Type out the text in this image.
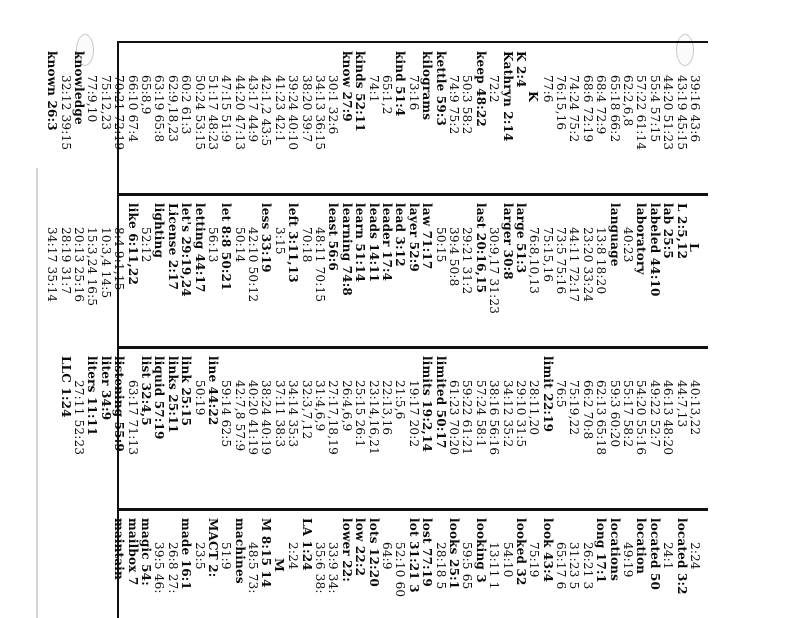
39:16 43:6
43:19 45:15
44:20 51:23
55:4 57:15
57:22 61:14
62:2,6,8
65:18 66:2
68:4 72:9
68:6 72:19
74:24 75:2
76:15,16
77:6
K
K 2:4
Kathryn 2:14
72:2
keep 48:22
50:3 58:2
74:9 75:2
kettle 59:3
kilograms
73:16
kind 51:4
65:1,2
74:1
kinds 52:11
know 27:9
30:1 32:6
34:13 36:15
38:20 39:7
39:24 40:10
41:23 42:1
42:1,2 43:5
43:17 44:9
44:20 47:13
47:15 51:9
51:17 48:23
50:24 53:15
60:2 61:3
62:9,18,23
63:19 65:8
65:8,9
66:10 67:4
70:21 72:19
75:12,23
77:9,10
knowledge
32:12 39:15
known 26:3
L
L 2:5,12
lab 25:5
labeled 44:10
laboratory
40:23
language
13:8 18:20
23:20 33:24
44:11 72:17
73:5 75:16
75:15,16
76:8,10,13
large 51:3
larger 30:8
30:9,17 31:23
last 20:16,15
29:21 31:2
39:4 50:8
50:15
law 71:17
layer 52:9
lead 3:12
leader 17:4
leads 14:11
learn 51:14
learning 74:8
least 56:6
48:11 70:15
70:18
left 3:11,13
3:15
less 33:19
42:10 50:12
50:14
let 8:8 50:21
56:13
letting 44:17
let's 29:19,24
License 2:17
lighting
52:12
like 6:11,22
8:4 9:1,15
10:3,4 14:5
15:3,24 16:5
20:13 25:16
28:19 31:7
34:17 35:14
40:13,22
44:7,13
46:13 48:20
49:22 52:7
54:20 55:16
55:17 58:2
59:3 60:20
62:13 65:18
66:2 70:8
75:19,22
76:5
limit 22:19
28:11,20
29:10 31:5
34:12 35:2
38:16 56:16
57:24 58:1
59:22 61:21
61:23 70:20
limited 50:17
limits 19:2,14
19:17 20:2
21:5,6
22:13,16
23:14,16,21
25:15 26:1
26:4,6,9
27:17,18,19
31:4,6,9
32:3,7,12
34:14 35:3
37:11 38:3
38:24 40:19
40:20 41:19
42:7,8 57:9
59:14 62:5
line 44:22
50:19
link 25:15
links 25:11
liquid 57:19
list 32:4,5
63:17 71:13
listening 55:9
liter 34:9
liters 11:11
27:11 52:23
LLC 1:24
2:24
located 3:2
24:1
located 50
location
49:19
locations
long 17:1
26:21 3
31:23 5
65:17 6
look 43:4
75:19
looked 32
54:10
13:11 1
looking 3
59:5 65
looks 25:1
28:18 5
lost 77:19
lot 31:21 3
52:10 60
64:9
lots 12:20
low 22:2
lower 22:
33:9 34:
35:6 38:
LA 1:24
2:24
M
M 8:15 14
48:5 73:
machines
51:9
MACT 2:
23:5
made 16:1
26:8 27:
39:5 46:
magic 54:
mailbox 7
maintain
